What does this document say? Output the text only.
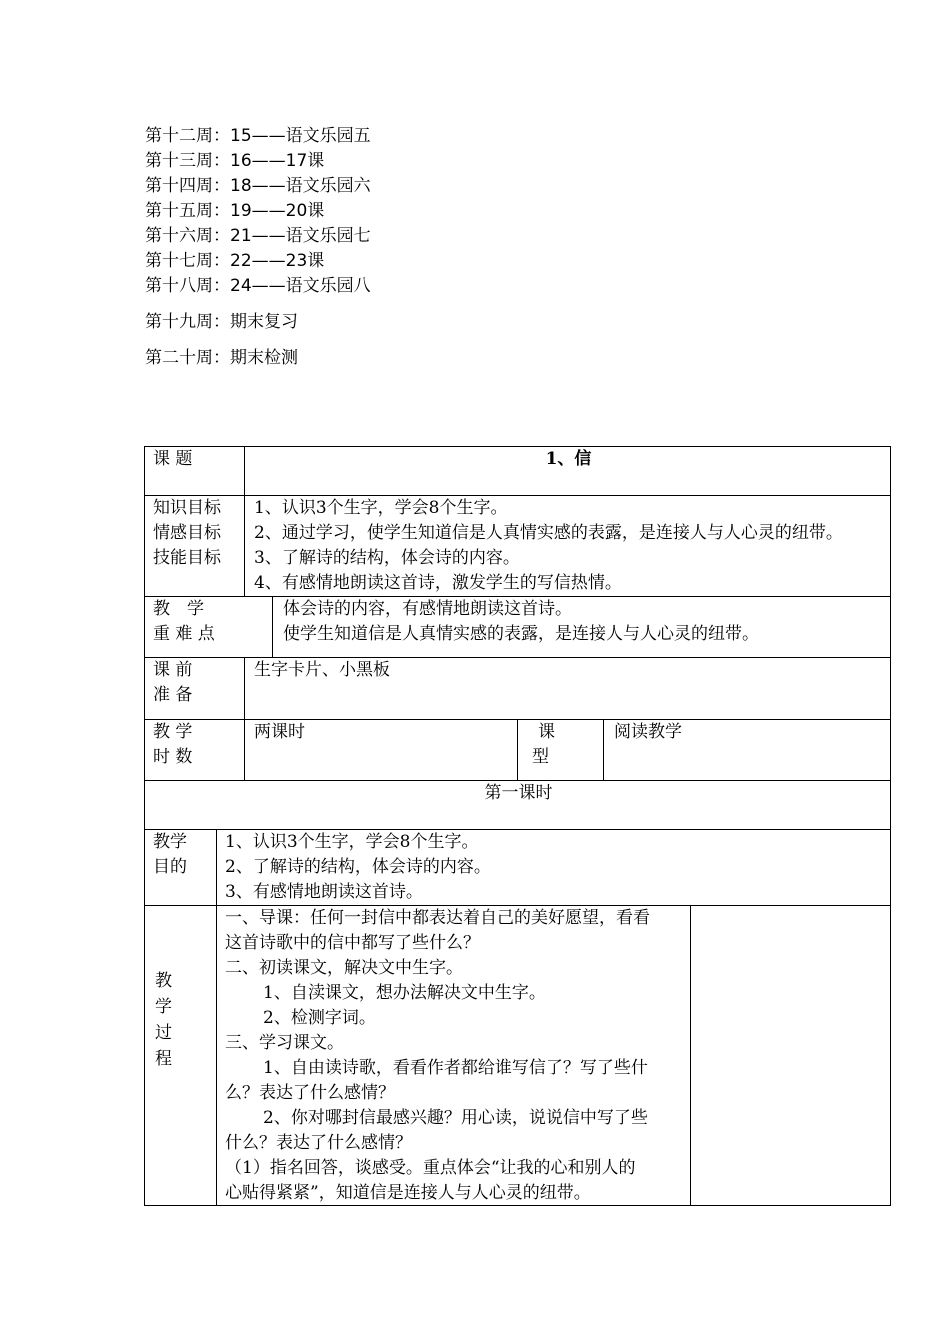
第十二周：15——语文乐园五
第十三周：16——17课
第十四周：18——语文乐园六
第十五周：19——20课
第十六周：21——语文乐园七
第十七周：22——23课
第十八周：24——语文乐园八
第十九周：期末复习
第二十周：期末检测
课 题	1、信
知识目标
情感目标
技能目标
1、认识3个生字，学会8个生字。
2、通过学习，使学生知道信是人真情实感的表露，是连接人与人心灵的纽带。
3、了解诗的结构，体会诗的内容。
4、有感情地朗读这首诗，激发学生的写信热情。
教　学
重 难 点
体会诗的内容，有感情地朗读这首诗。
使学生知道信是人真情实感的表露，是连接人与人心灵的纽带。
课 前
准 备
生字卡片、小黑板
教 学
时 数
两课时	课
型
阅读教学
第一课时
教学
目的
1、认识3个生字，学会8个生字。
2、了解诗的结构，体会诗的内容。
3、有感情地朗读这首诗。
教
学
过
程
一、导课：任何一封信中都表达着自己的美好愿望，看看
这首诗歌中的信中都写了些什么？
二、初读课文，解决文中生字。
1、自渎课文，想办法解决文中生字。
2、检测字词。
三、学习课文。
1、自由读诗歌，看看作者都给谁写信了？写了些什
么？表达了什么感情？
2、你对哪封信最感兴趣？用心读，说说信中写了些
什么？表达了什么感情？
（1）指名回答，谈感受。重点体会“让我的心和别人的
心贴得紧紧”，知道信是连接人与人心灵的纽带。
